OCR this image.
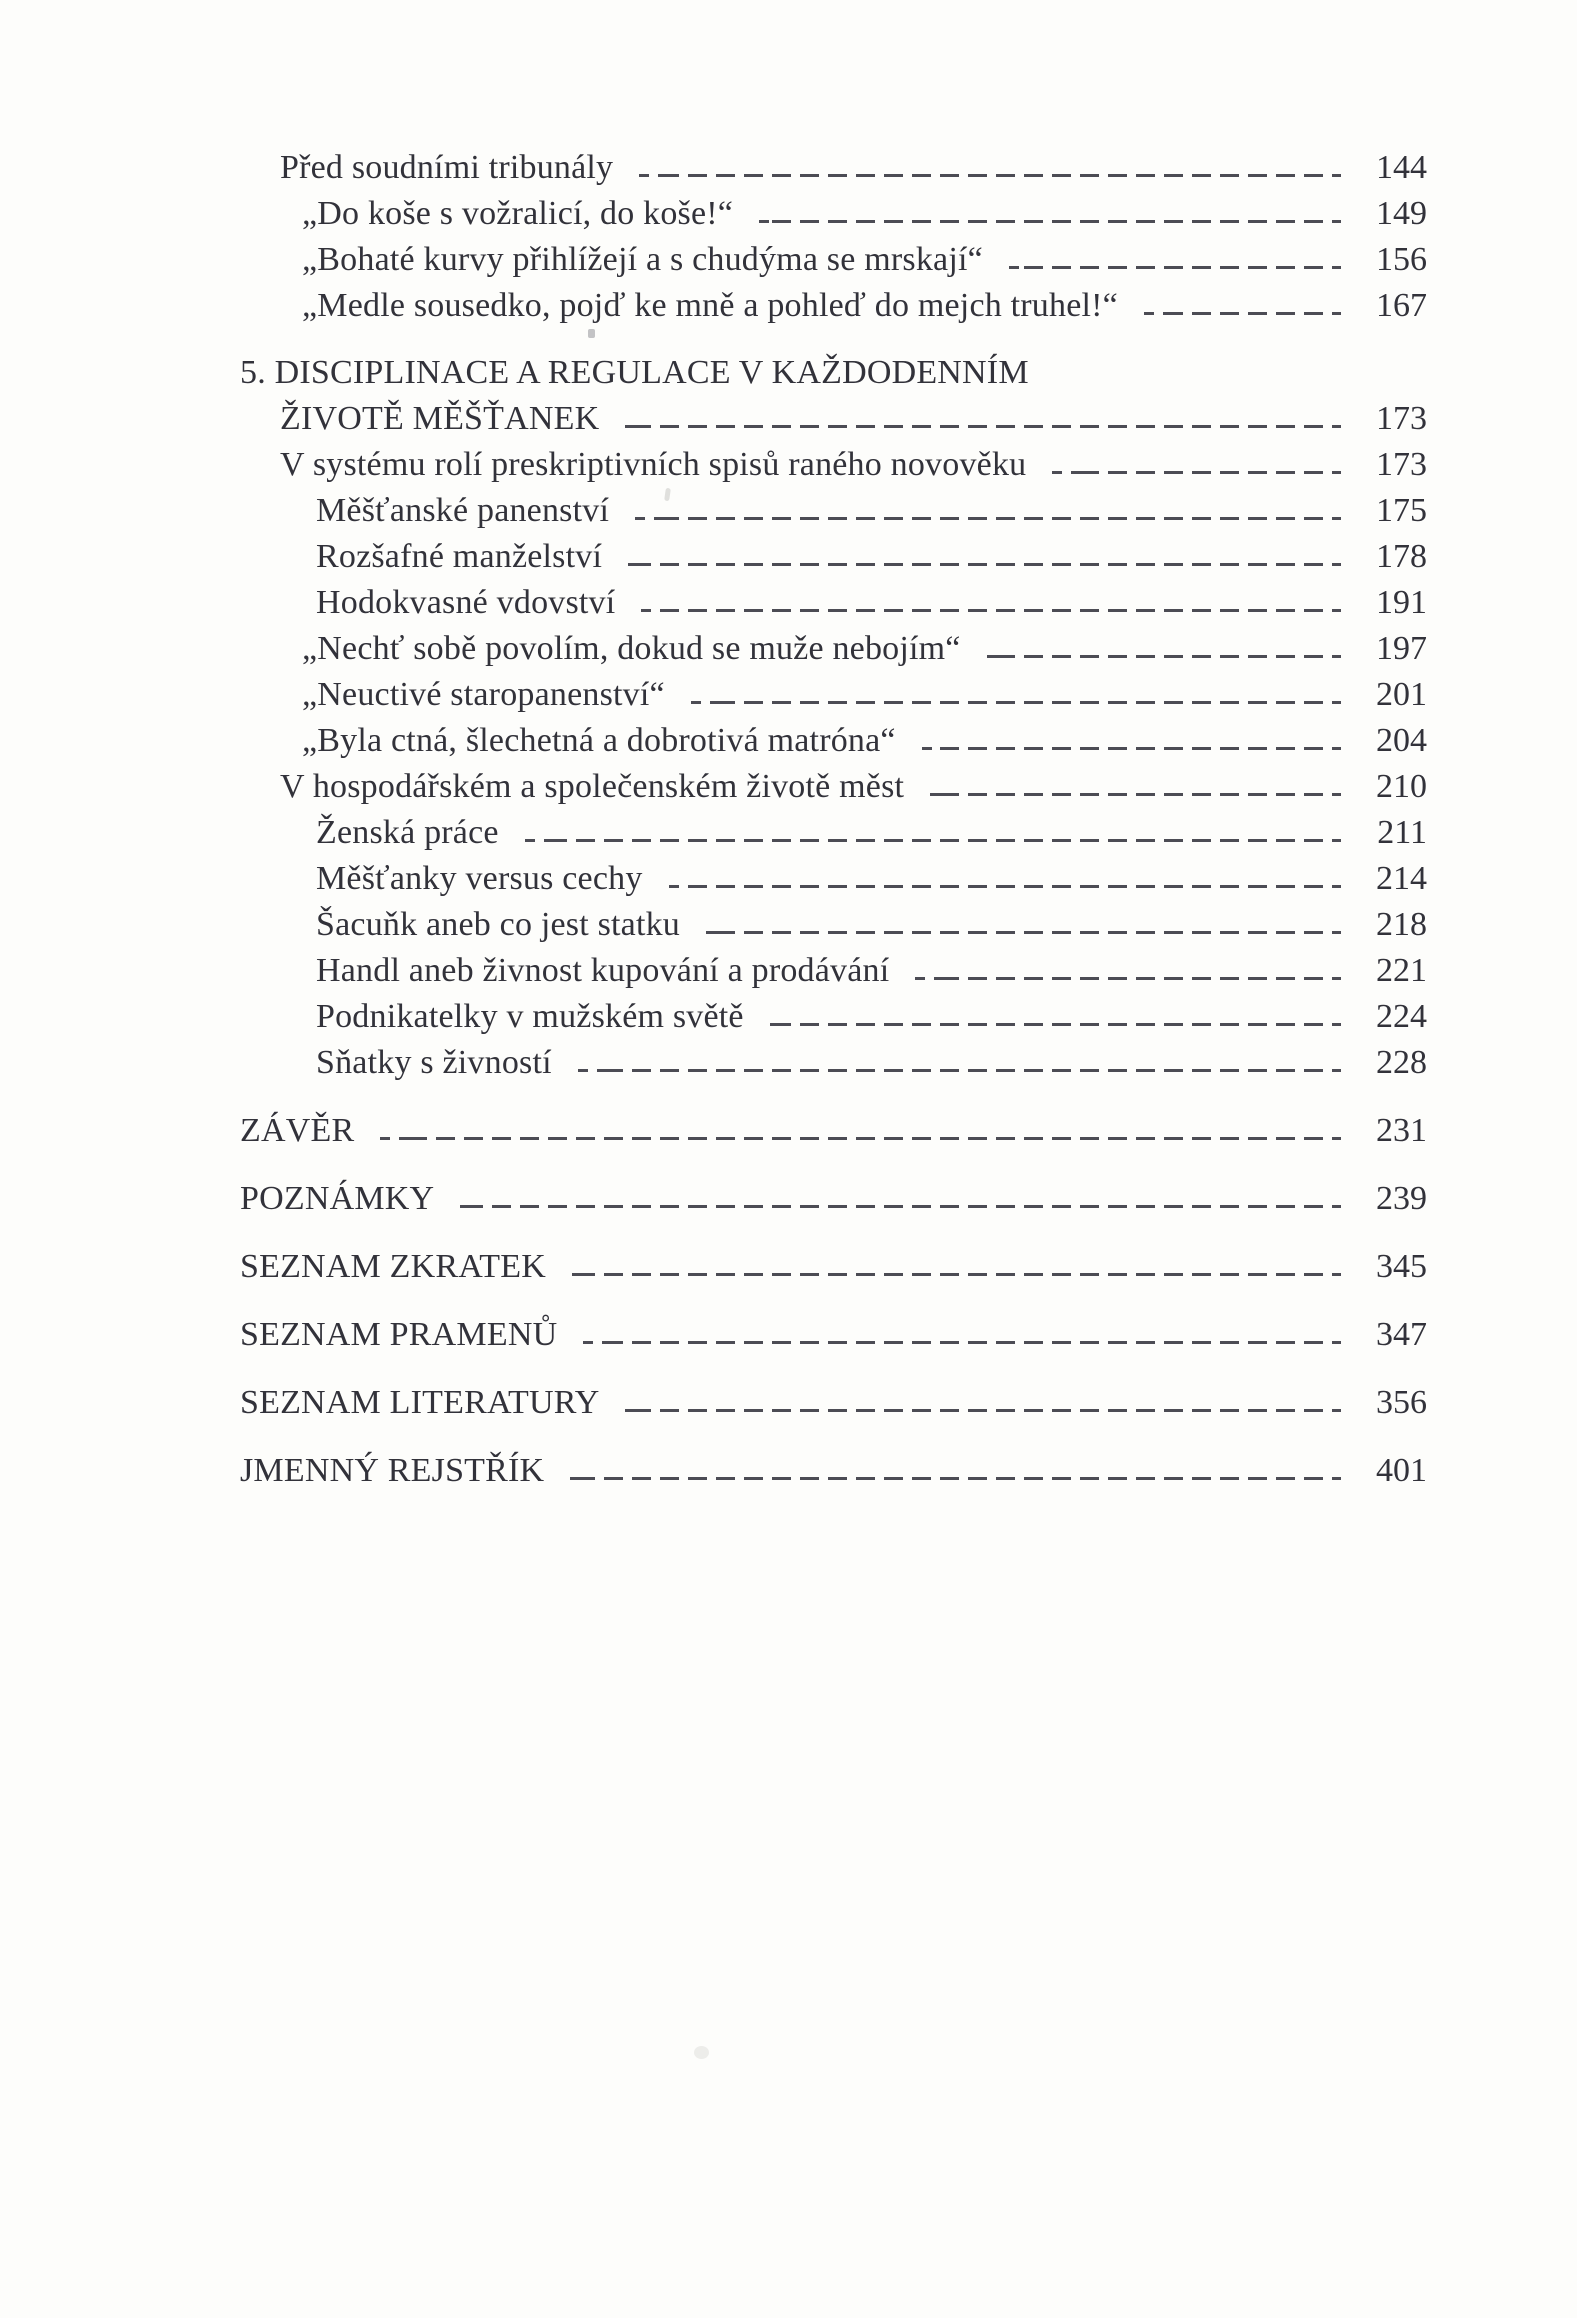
Před soudními tribunály	144
„Do koše s vožralicí, do koše!“	149
„Bohaté kurvy přihlížejí a s chudýma se mrskají“	156
„Medle sousedko, pojď ke mně a pohleď do mejch truhel!“	167
5. DISCIPLINACE A REGULACE V KAŽDODENNÍM
ŽIVOTĚ MĚŠŤANEK	173
V systému rolí preskriptivních spisů raného novověku	173
Měšťanské panenství	175
Rozšafné manželství	178
Hodokvasné vdovství	191
„Nechť sobě povolím, dokud se muže nebojím“	197
„Neuctivé staropanenství“	201
„Byla ctná, šlechetná a dobrotivá matróna“	204
V hospodářském a společenském životě měst	210
Ženská práce	211
Měšťanky versus cechy	214
Šacuňk aneb co jest statku	218
Handl aneb živnost kupování a prodávání	221
Podnikatelky v mužském světě	224
Sňatky s živností	228
ZÁVĚR	231
POZNÁMKY	239
SEZNAM ZKRATEK	345
SEZNAM PRAMENŮ	347
SEZNAM LITERATURY	356
JMENNÝ REJSTŘÍK	401
